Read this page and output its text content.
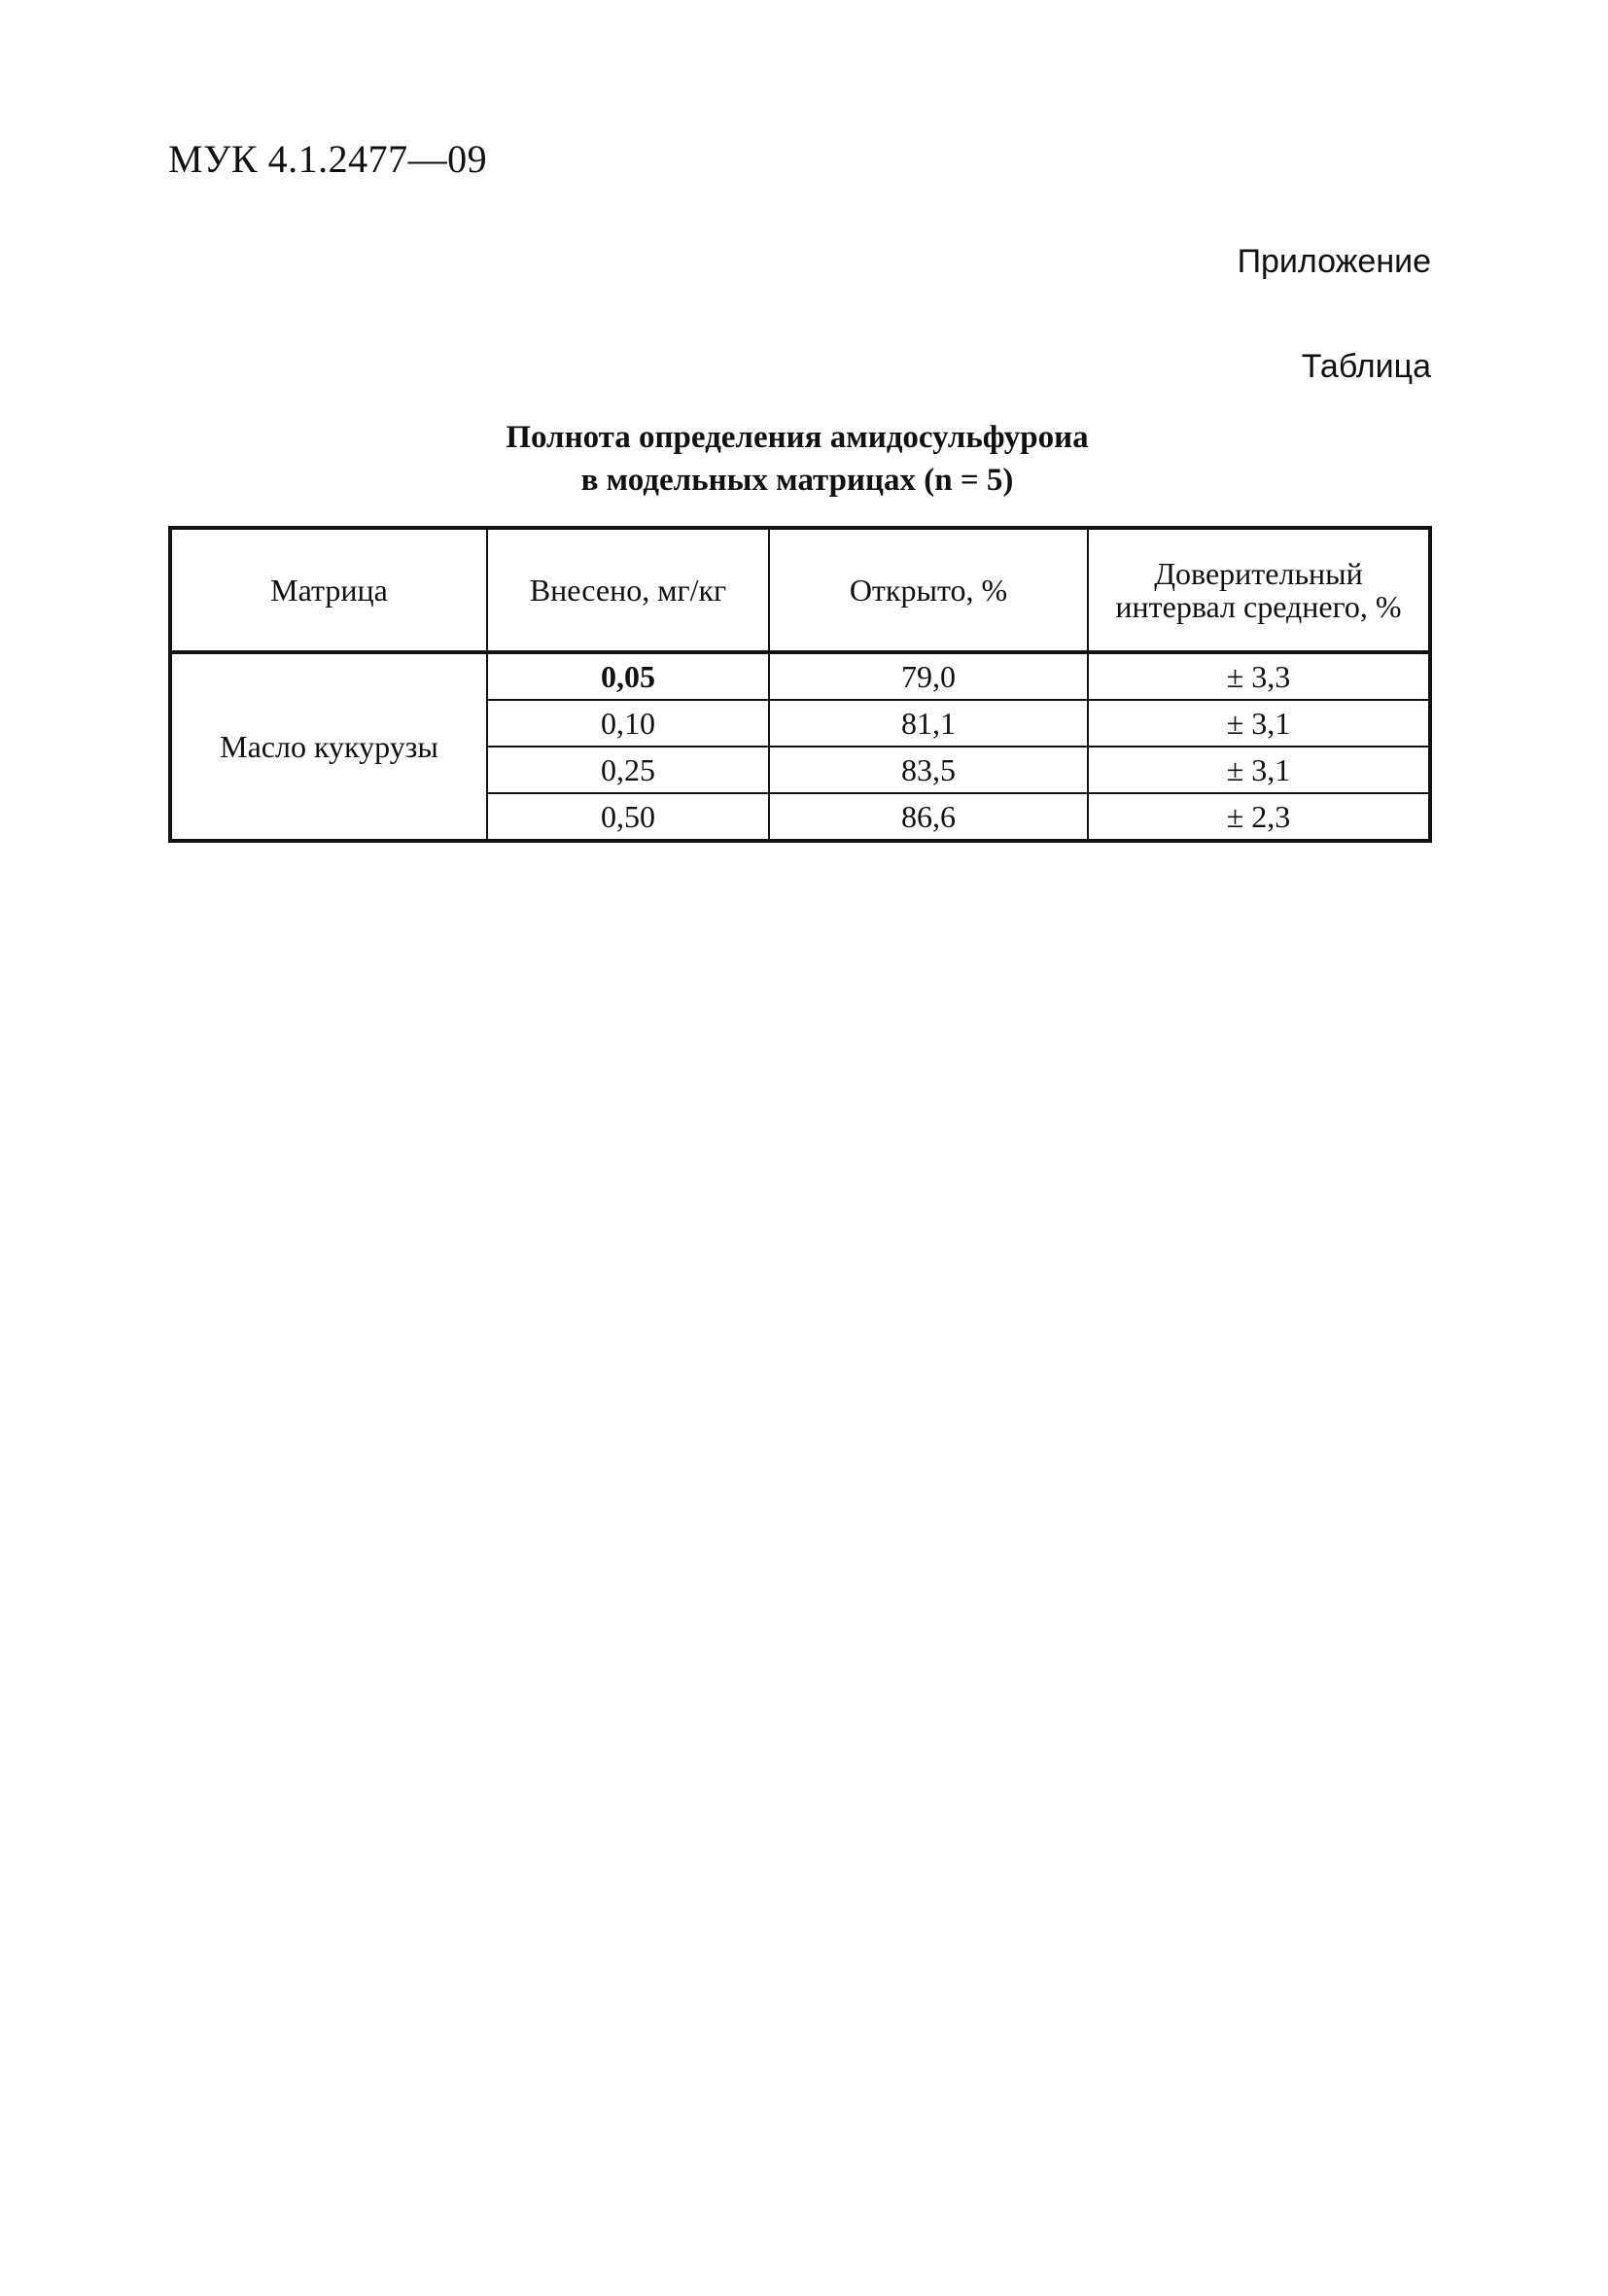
МУК 4.1.2477—09
Приложение
Таблица
Полнота определения амидосульфуроиа
в модельных матрицах (n = 5)
Матрица	Внесено, мг/кг	Открыто, %	Доверительный интервал среднего, %
Масло кукурузы	0,05	79,0	± 3,3
	0,10	81,1	± 3,1
	0,25	83,5	± 3,1
	0,50	86,6	± 2,3
